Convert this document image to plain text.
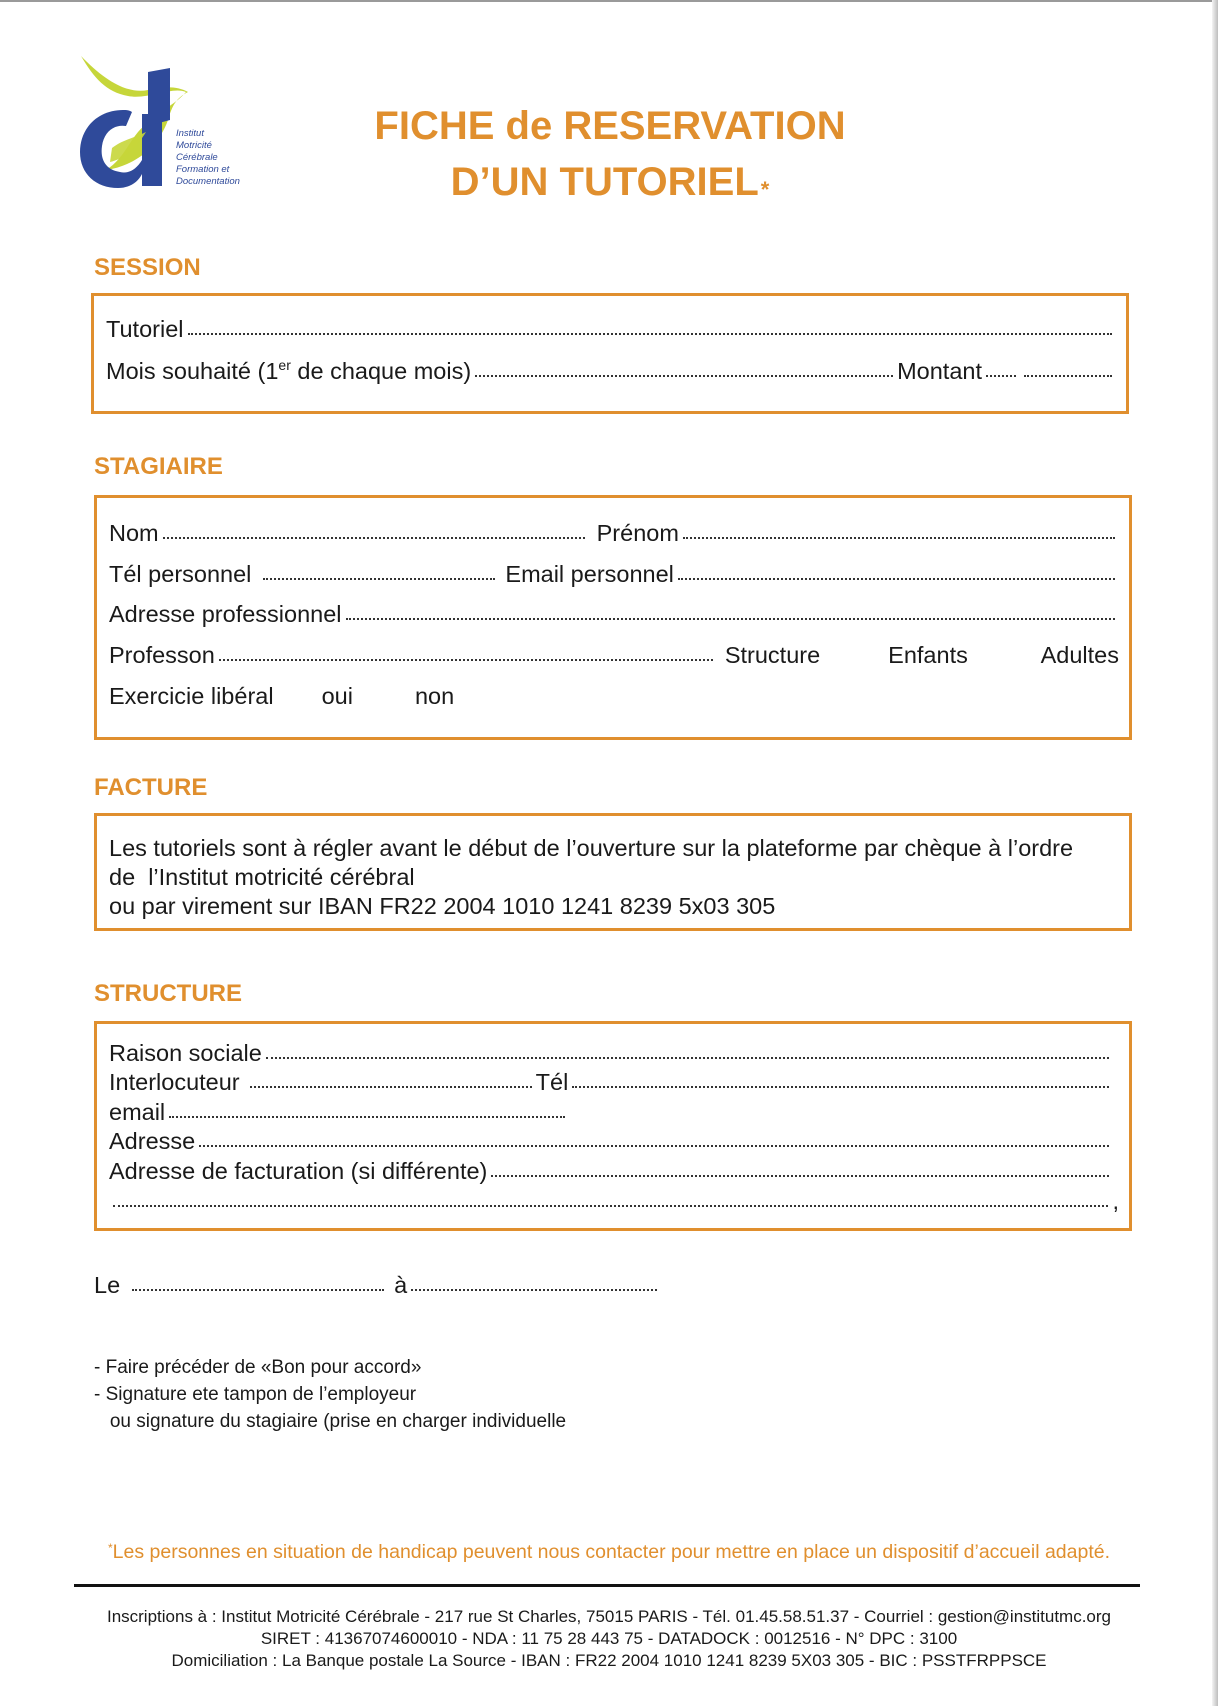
Institut
Motricité
Cérébrale
Formation et
Documentation
FICHE de RESERVATION
D’UN TUTORIEL*
SESSION
Tutoriel
Mois souhaité (1er de chaque mois)	Montant
STAGIAIRE
Nom	Prénom
Tél personnel	Email personnel
Adresse professionnel
Professon	Structure	Enfants	Adultes
Exercicie libéral oui	non
FACTURE
Les tutoriels sont à régler avant le début de l’ouverture sur la plateforme par chèque à l’ordre
de  l’Institut motricité cérébral
ou par virement sur IBAN FR22 2004 1010 1241 8239 5x03 305
STRUCTURE
Raison sociale
Interlocuteur	Tél
email
Adresse
Adresse de facturation (si différente)
,
Le	à
- Faire précéder de «Bon pour accord»
- Signature ete tampon de l’employeur
ou signature du stagiaire (prise en charger individuelle
*Les personnes en situation de handicap peuvent nous contacter pour mettre en place un dispositif d’accueil adapté.
Inscriptions à : Institut Motricité Cérébrale - 217 rue St Charles, 75015 PARIS - Tél. 01.45.58.51.37 - Courriel : gestion@institutmc.org
SIRET : 41367074600010 - NDA : 11 75 28 443 75 - DATADOCK : 0012516 - N° DPC : 3100
Domiciliation : La Banque postale La Source - IBAN : FR22 2004 1010 1241 8239 5X03 305 - BIC : PSSTFRPPSCE
